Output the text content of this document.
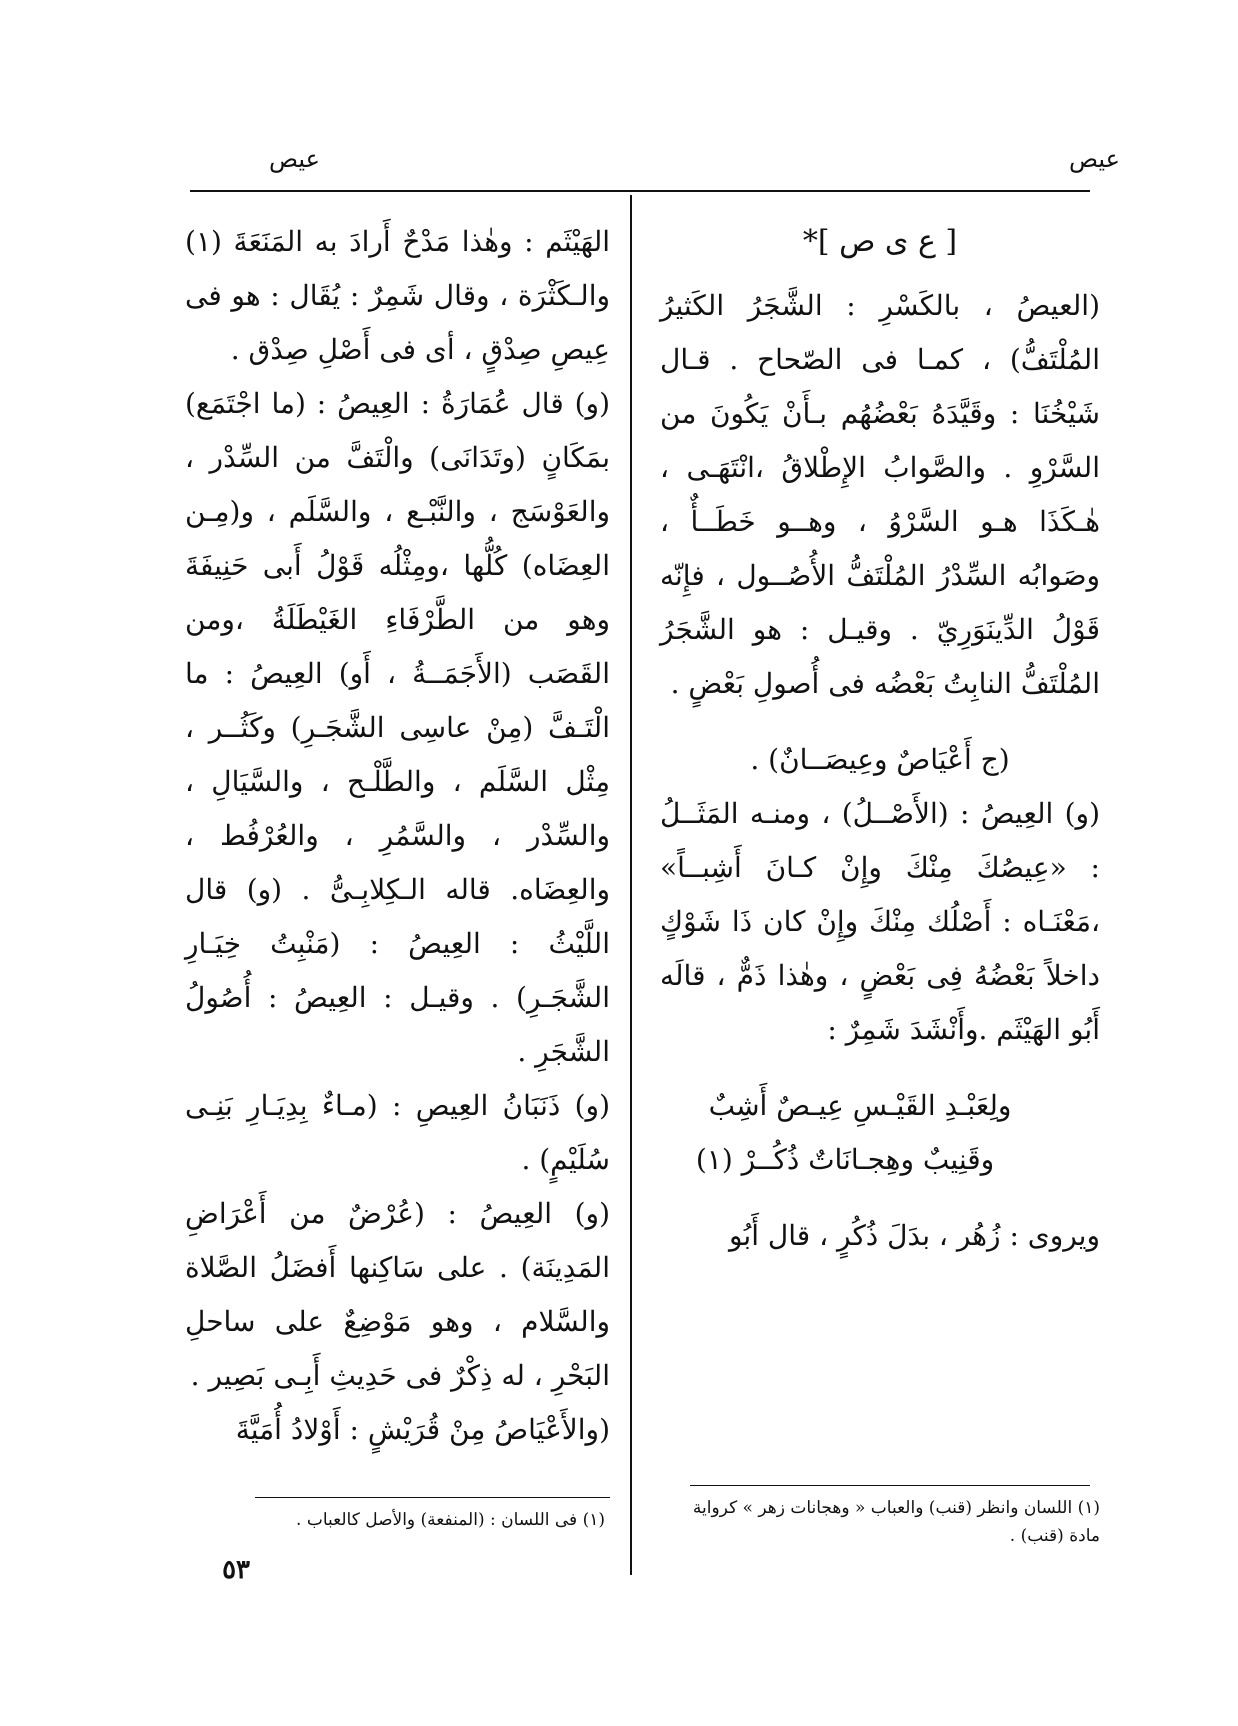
عيص
عيص

[ ع ى ص ]*

(العيصُ ، بالكَسْرِ : الشَّجَرُ الكَثيرُ المُلْتَفُّ) ، كمـا فى الصّحاح . قـال شَيْخُنَا : وقَيَّدَهُ بَعْضُهُم بـأَنْ يَكُونَ من السَّرْوِ . والصَّوابُ الإِطْلاقُ ،انْتَهَـى ، هٰـكَذَا هـو السَّرْوُ ، وهــو خَطَــأٌ ، وصَوابُه السِّدْرُ المُلْتَفُّ الأُصُــول ، فإِنّه قَوْلُ الدِّينَوَرِيّ . وقيـل : هو الشَّجَرُ المُلْتَفُّ النابِتُ بَعْضُه فى أُصولِ بَعْضٍ .

(ج أَعْيَاصٌ وعِيصَــانٌ) .

(و) العِيصُ : (الأَصْــلُ) ، ومنـه المَثَــلُ : «عِيصُكَ مِنْكَ وإِنْ كـانَ أَشِبــاً» ،مَعْنَـاه : أَصْلُك مِنْكَ وإِنْ كان ذَا شَوْكٍ داخلاً بَعْضُهُ فِى بَعْضٍ ، وهٰذا ذَمٌّ ، قالَه أَبُو الهَيْثَم .وأَنْشَدَ شَمِرٌ :

ولِعَبْـدِ القَيْـسِ عِيـصٌ أَشِبٌ

وقَنِيبٌ وهِجـانَاتٌ ذُكُــرْ (١)

ويروى : زُهُر ، بدَلَ ذُكُرٍ ، قال أَبُو

الهَيْثَم : وهٰذا مَدْحٌ أَرادَ به المَنَعَةَ (١) والـكَثْرَة ، وقال شَمِرٌ : يُقَال : هو فى عِيصِ صِدْقٍ ، أى فى أَصْلِ صِدْق .

(و) قال عُمَارَةُ : العِيصُ : (ما اجْتَمَع) بمَكَانٍ (وتَدَانَى) والْتَفَّ من السِّدْر ، والعَوْسَج ، والنَّبْـع ، والسَّلَم ، و(مِـن العِضَاه) كُلُّها ،ومِثْلُه قَوْلُ أَبى حَنِيفَةَ وهو من الطَّرْفَاءِ الغَيْطَلَةُ ،ومن القَصَب (الأَجَمَــةُ ، أَو) العِيصُ : ما الْتَـفَّ (مِنْ عاسِى الشَّجَـرِ) وكَثُــر ، مِثْل السَّلَم ، والطَّلْـح ، والسَّيَالِ ، والسِّدْر ، والسَّمُرِ ، والعُرْفُط ، والعِضَاه. قاله الـكِلابِـىُّ . (و) قال اللَّيْثُ : العِيصُ : (مَنْبِتُ خِيَـارِ الشَّجَـرِ) . وقيـل : العِيصُ : أُصُولُ الشَّجَرِ .

(و) ذَنَبَانُ العِيصِ : (مـاءٌ بِدِيَـارِ بَنِـى سُلَيْمٍ) .

(و) العِيصُ : (عُرْضٌ من أَعْرَاضِ المَدِينَة) . على سَاكِنها أَفضَلُ الصَّلاة والسَّلام ، وهو مَوْضِعٌ على ساحلِ البَحْرِ ، له ذِكْرٌ فى حَدِيثِ أَبِـى بَصِير .

(والأَعْيَاصُ مِنْ قُرَيْشٍ : أَوْلادُ أُمَيَّةَ

(١) اللسان وانظر (قنب) والعباب « وهجانات زهر » كرواية مادة (قنب) .
(١) فى اللسان : (المنفعة) والأصل كالعباب .
٥٣
